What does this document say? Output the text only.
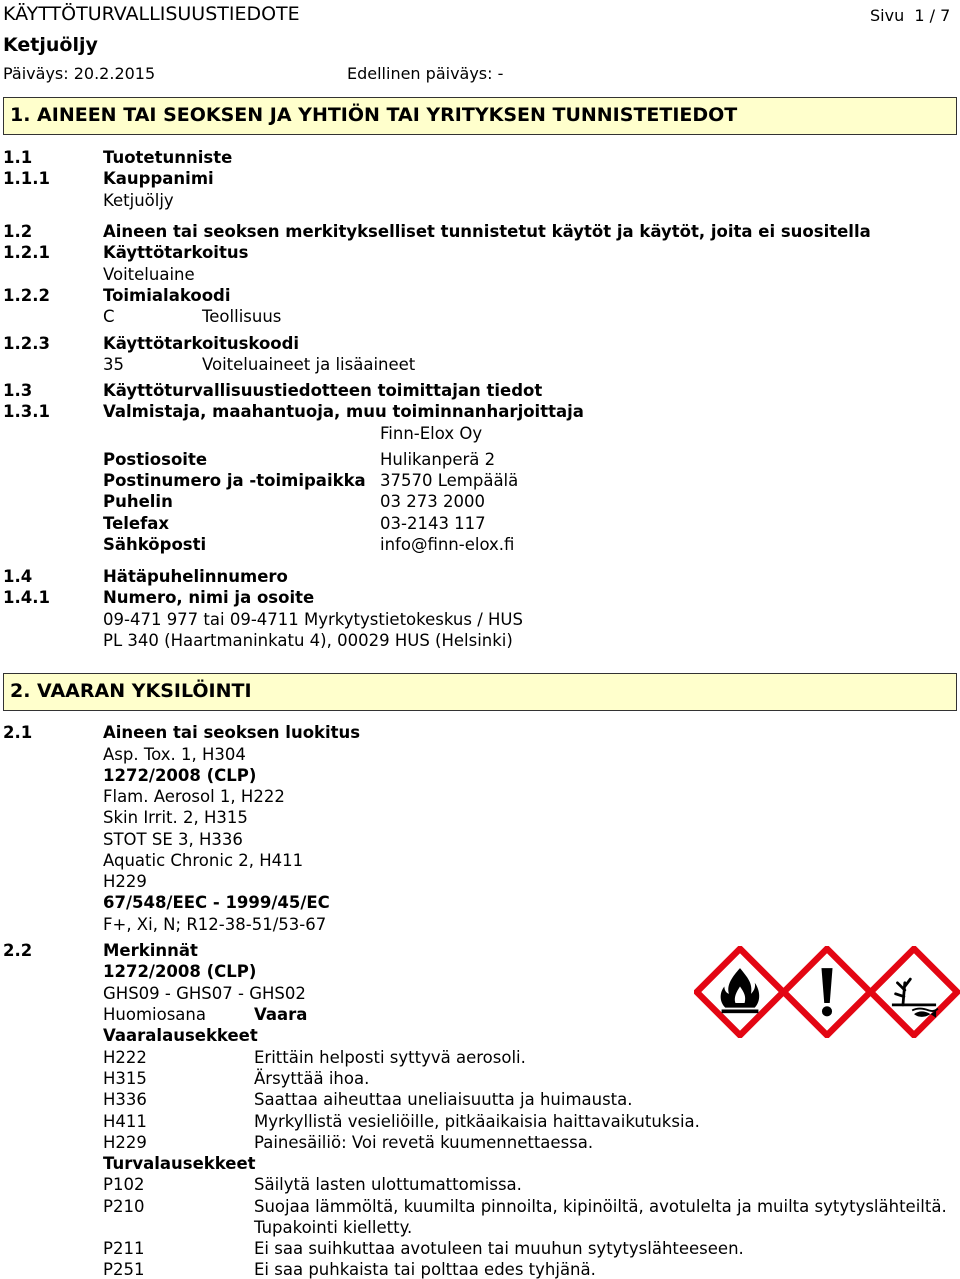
KÄYTTÖTURVALLISUUSTIEDOTE	Sivu 1 / 7
Ketjuöljy
Päiväys: 20.2.2015	Edellinen päiväys: -
1. AINEEN TAI SEOKSEN JA YHTIÖN TAI YRITYKSEN TUNNISTETIEDOT
1.1	Tuotetunniste
1.1.1	Kauppanimi
Ketjuöljy
1.2	Aineen tai seoksen merkitykselliset tunnistetut käytöt ja käytöt, joita ei suositella
1.2.1	Käyttötarkoitus
Voiteluaine
1.2.2	Toimialakoodi
C	Teollisuus
1.2.3	Käyttötarkoituskoodi
35	Voiteluaineet ja lisäaineet
1.3	Käyttöturvallisuustiedotteen toimittajan tiedot
1.3.1	Valmistaja, maahantuoja, muu toiminnanharjoittaja
Finn-Elox Oy
Postiosoite	Hulikanperä 2
Postinumero ja -toimipaikka 37570 Lempäälä
Puhelin	03 273 2000
Telefax	03-2143 117
Sähköposti	info@finn-elox.fi
1.4	Hätäpuhelinnumero
1.4.1	Numero, nimi ja osoite
09-471 977 tai 09-4711 Myrkytystietokeskus / HUS
PL 340 (Haartmaninkatu 4), 00029 HUS (Helsinki)
2. VAARAN YKSILÖINTI
2.1	Aineen tai seoksen luokitus
Asp. Tox. 1, H304
1272/2008 (CLP)
Flam. Aerosol 1, H222
Skin Irrit. 2, H315
STOT SE 3, H336
Aquatic Chronic 2, H411
H229
67/548/EEC - 1999/45/EC
F+, Xi, N; R12-38-51/53-67
2.2	Merkinnät
1272/2008 (CLP)
GHS09 - GHS07 - GHS02
Huomiosana	Vaara
Vaaralausekkeet
H222	Erittäin helposti syttyvä aerosoli.
H315	Ärsyttää ihoa.
H336	Saattaa aiheuttaa uneliaisuutta ja huimausta.
H411	Myrkyllistä vesieliöille, pitkäaikaisia haittavaikutuksia.
H229	Painesäiliö: Voi revetä kuumennettaessa.
Turvalausekkeet
P102	Säilytä lasten ulottumattomissa.
P210	Suojaa lämmöltä, kuumilta pinnoilta, kipinöiltä, avotulelta ja muilta sytytyslähteiltä.
Tupakointi kielletty.
P211	Ei saa suihkuttaa avotuleen tai muuhun sytytyslähteeseen.
P251	Ei saa puhkaista tai polttaa edes tyhjänä.
